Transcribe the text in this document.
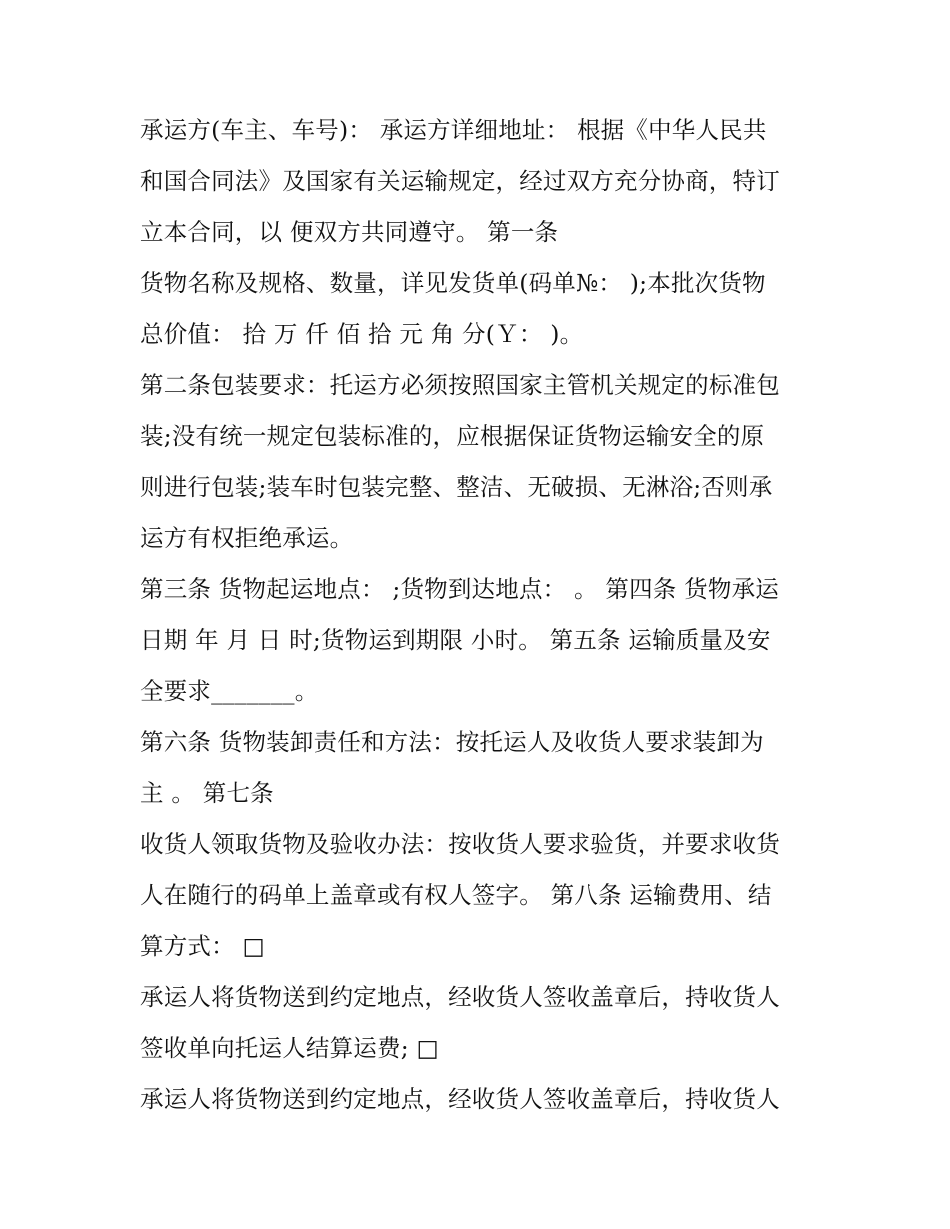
承运方(车主、车号)： 承运方详细地址： 根据《中华人民共
和国合同法》及国家有关运输规定，经过双方充分协商，特订
立本合同，以 便双方共同遵守。 第一条
货物名称及规格、数量，详见发货单(码单№： );本批次货物
总价值： 拾 万 仟 佰 拾 元 角 分(Ｙ： )。
第二条包装要求：托运方必须按照国家主管机关规定的标准包
装;没有统一规定包装标准的，应根据保证货物运输安全的原
则进行包装;装车时包装完整、整洁、无破损、无淋浴;否则承
运方有权拒绝承运。
第三条 货物起运地点： ;货物到达地点： 。 第四条 货物承运
日期 年 月 日 时;货物运到期限 小时。 第五条 运输质量及安
全要求_______。
第六条 货物装卸责任和方法：按托运人及收货人要求装卸为
主 。 第七条
收货人领取货物及验收办法：按收货人要求验货，并要求收货
人在随行的码单上盖章或有权人签字。 第八条 运输费用、结
算方式： □
承运人将货物送到约定地点，经收货人签收盖章后，持收货人
签收单向托运人结算运费; □
承运人将货物送到约定地点，经收货人签收盖章后，持收货人
